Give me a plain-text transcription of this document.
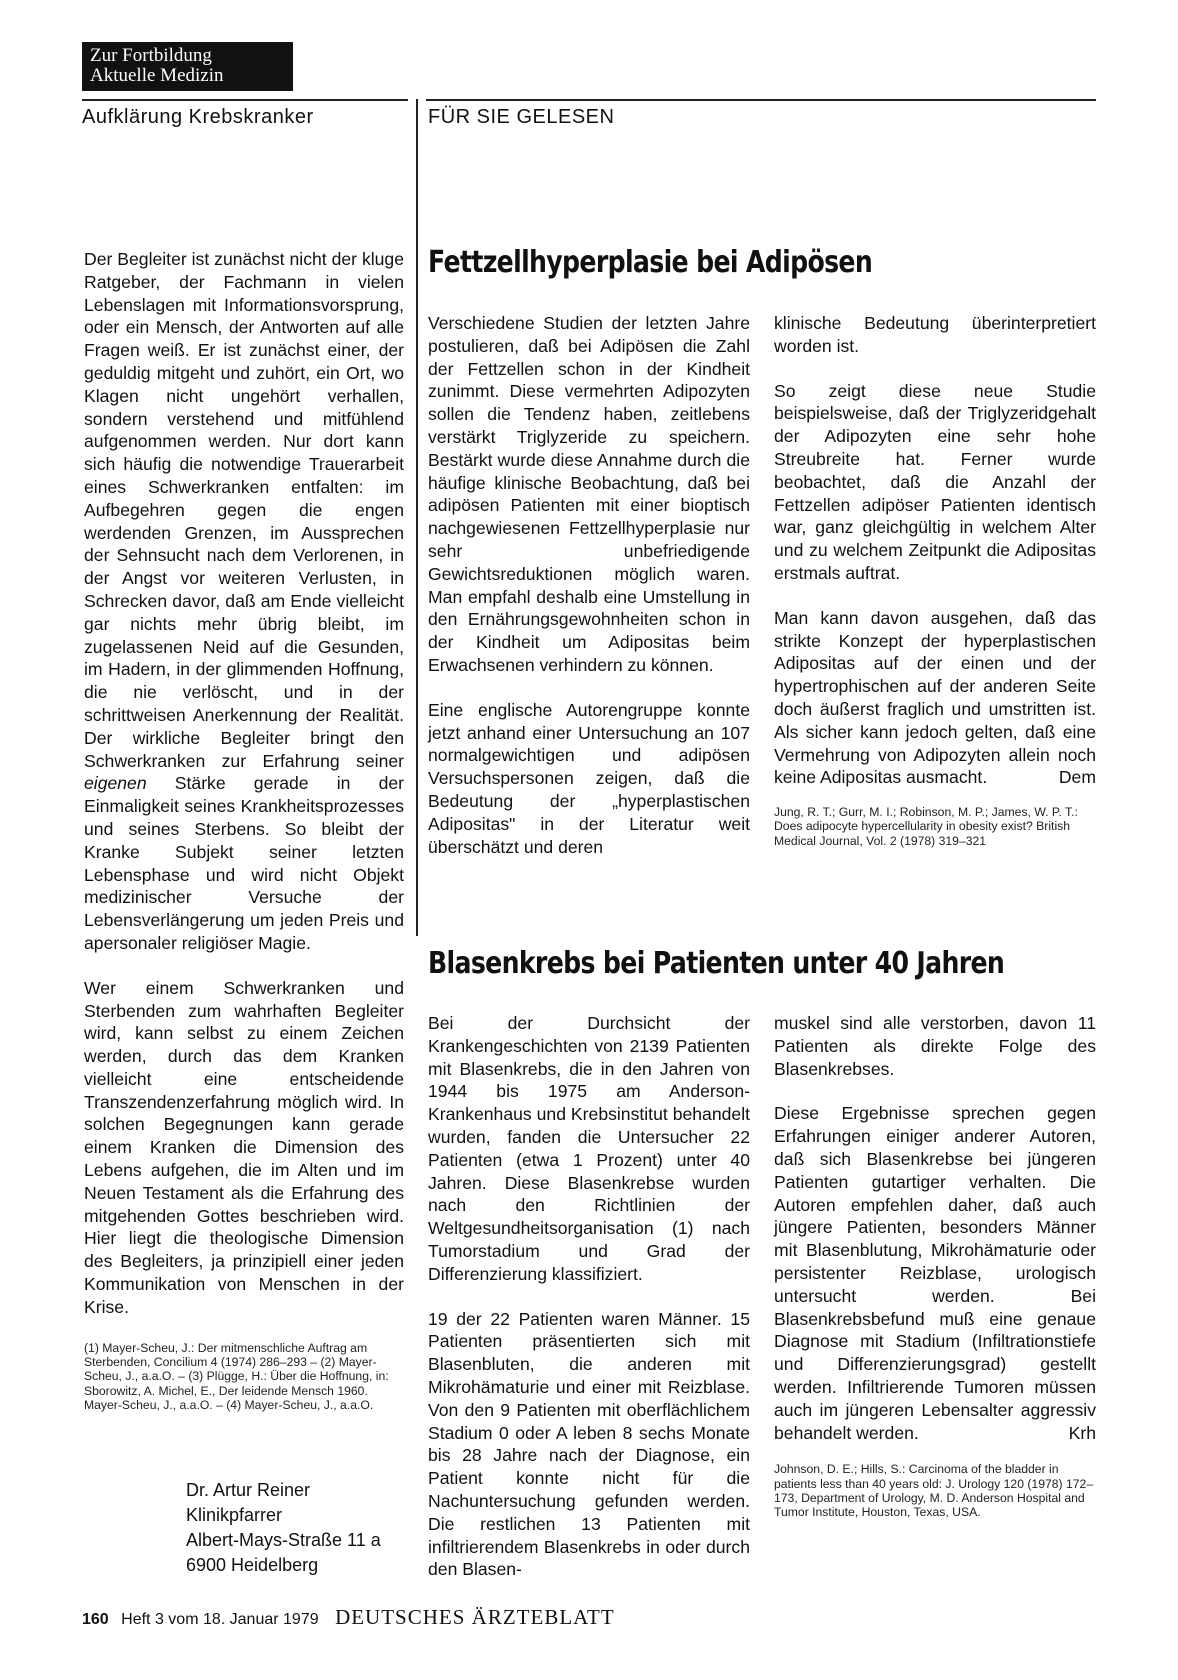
Zur Fortbildung
Aktuelle Medizin
Aufklärung Krebskranker	FÜR SIE GELESEN

Der Begleiter ist zunächst nicht der kluge Ratgeber, der Fachmann in vielen Lebenslagen mit Informationsvorsprung, oder ein Mensch, der Antworten auf alle Fragen weiß. Er ist zunächst einer, der geduldig mitgeht und zuhört, ein Ort, wo Klagen nicht ungehört verhallen, sondern verstehend und mitfühlend aufgenommen werden. Nur dort kann sich häufig die notwendige Trauerarbeit eines Schwerkranken entfalten: im Aufbegehren gegen die engen werdenden Grenzen, im Aussprechen der Sehnsucht nach dem Verlorenen, in der Angst vor weiteren Verlusten, in Schrecken davor, daß am Ende vielleicht gar nichts mehr übrig bleibt, im zugelassenen Neid auf die Gesunden, im Hadern, in der glimmenden Hoffnung, die nie verlöscht, und in der schrittweisen Anerkennung der Realität. Der wirkliche Begleiter bringt den Schwerkranken zur Erfahrung seiner eigenen Stärke gerade in der Einmaligkeit seines Krankheitsprozesses und seines Sterbens. So bleibt der Kranke Subjekt seiner letzten Lebensphase und wird nicht Objekt medizinischer Versuche der Lebensverlängerung um jeden Preis und apersonaler religiöser Magie.

Wer einem Schwerkranken und Sterbenden zum wahrhaften Begleiter wird, kann selbst zu einem Zeichen werden, durch das dem Kranken vielleicht eine entscheidende Transzendenzerfahrung möglich wird. In solchen Begegnungen kann gerade einem Kranken die Dimension des Lebens aufgehen, die im Alten und im Neuen Testament als die Erfahrung des mitgehenden Gottes beschrieben wird. Hier liegt die theologische Dimension des Begleiters, ja prinzipiell einer jeden Kommunikation von Menschen in der Krise.

(1) Mayer-Scheu, J.: Der mitmenschliche Auftrag am Sterbenden, Concilium 4 (1974) 286–293 – (2) Mayer-Scheu, J., a.a.O. – (3) Plügge, H.: Über die Hoffnung, in: Sborowitz, A. Michel, E., Der leidende Mensch 1960. Mayer-Scheu, J., a.a.O. – (4) Mayer-Scheu, J., a.a.O.

Dr. Artur Reiner

Klinikpfarrer

Albert-Mays-Straße 11 a

6900 Heidelberg

Fettzellhyperplasie bei Adipösen

Verschiedene Studien der letzten Jahre postulieren, daß bei Adipösen die Zahl der Fettzellen schon in der Kindheit zunimmt. Diese vermehrten Adipozyten sollen die Tendenz haben, zeitlebens verstärkt Triglyzeride zu speichern. Bestärkt wurde diese Annahme durch die häufige klinische Beobachtung, daß bei adipösen Patienten mit einer bioptisch nachgewiesenen Fettzellhyperplasie nur sehr unbefriedigende Gewichtsreduktionen möglich waren. Man empfahl deshalb eine Umstellung in den Ernährungsgewohnheiten schon in der Kindheit um Adipositas beim Erwachsenen verhindern zu können.

Eine englische Autorengruppe konnte jetzt anhand einer Untersuchung an 107 normalgewichtigen und adipösen Versuchspersonen zeigen, daß die Bedeutung der „hyperplastischen Adipositas" in der Literatur weit überschätzt und deren

klinische Bedeutung überinterpretiert worden ist.

So zeigt diese neue Studie beispielsweise, daß der Triglyzeridgehalt der Adipozyten eine sehr hohe Streubreite hat. Ferner wurde beobachtet, daß die Anzahl der Fettzellen adipöser Patienten identisch war, ganz gleichgültig in welchem Alter und zu welchem Zeitpunkt die Adipositas erstmals auftrat.

Man kann davon ausgehen, daß das strikte Konzept der hyperplastischen Adipositas auf der einen und der hypertrophischen auf der anderen Seite doch äußerst fraglich und umstritten ist. Als sicher kann jedoch gelten, daß eine Vermehrung von Adipozyten allein noch keine Adipositas ausmacht.	Dem

Jung, R. T.; Gurr, M. I.; Robinson, M. P.; James, W. P. T.: Does adipocyte hypercellularity in obesity exist? British Medical Journal, Vol. 2 (1978) 319–321

Blasenkrebs bei Patienten unter 40 Jahren

Bei der Durchsicht der Krankengeschichten von 2139 Patienten mit Blasenkrebs, die in den Jahren von 1944 bis 1975 am Anderson-Krankenhaus und Krebsinstitut behandelt wurden, fanden die Untersucher 22 Patienten (etwa 1 Prozent) unter 40 Jahren. Diese Blasenkrebse wurden nach den Richtlinien der Weltgesundheitsorganisation (1) nach Tumorstadium und Grad der Differenzierung klassifiziert.

19 der 22 Patienten waren Männer. 15 Patienten präsentierten sich mit Blasenbluten, die anderen mit Mikrohämaturie und einer mit Reizblase. Von den 9 Patienten mit oberflächlichem Stadium 0 oder A leben 8 sechs Monate bis 28 Jahre nach der Diagnose, ein Patient konnte nicht für die Nachuntersuchung gefunden werden. Die restlichen 13 Patienten mit infiltrierendem Blasenkrebs in oder durch den Blasen-

muskel sind alle verstorben, davon 11 Patienten als direkte Folge des Blasenkrebses.

Diese Ergebnisse sprechen gegen Erfahrungen einiger anderer Autoren, daß sich Blasenkrebse bei jüngeren Patienten gutartiger verhalten. Die Autoren empfehlen daher, daß auch jüngere Patienten, besonders Männer mit Blasenblutung, Mikrohämaturie oder persistenter Reizblase, urologisch untersucht werden. Bei Blasenkrebsbefund muß eine genaue Diagnose mit Stadium (Infiltrationstiefe und Differenzierungsgrad) gestellt werden. Infiltrierende Tumoren müssen auch im jüngeren Lebensalter aggressiv behandelt werden.	Krh

Johnson, D. E.; Hills, S.: Carcinoma of the bladder in patients less than 40 years old: J. Urology 120 (1978) 172–173, Department of Urology, M. D. Anderson Hospital and Tumor Institute, Houston, Texas, USA.

160 Heft 3 vom 18. Januar 1979 DEUTSCHES ÄRZTEBLATT
